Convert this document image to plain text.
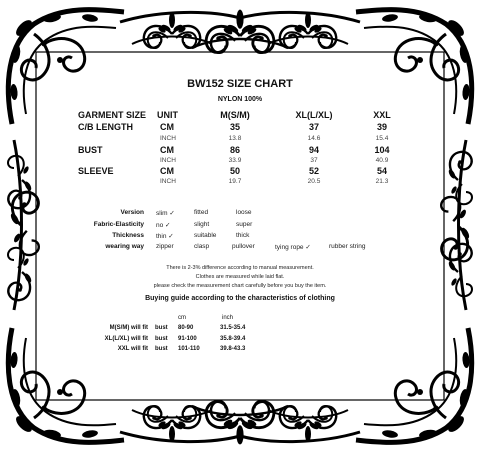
BW152 SIZE CHART
NYLON 100%
GARMENT SIZE UNIT	M(S/M)	XL(L/XL)	XXL
C/B LENGTH	CM	35	37	39
INCH	13.8	14.6	15.4
BUST	CM	86	94	104
INCH	33.9	37	40.9
SLEEVE	CM	50	52	54
INCH	19.7	20.5	21.3
Version slim ✓	fitted	loose
Fabric-Elasticity no ✓	slight	super
Thickness thin ✓	suitable	thick
wearing way zipper	clasp	pullover	tying rope ✓	rubber string
There is 2-3% difference according to manual measurement.
Clothes are measured while laid flat.
please check the measurement chart carefully before you buy the item.
Buying guide according to the characteristics of clothing
cm	inch
M(S/M) will fit bust 80-90	31.5-35.4
XL(L/XL) will fit bust 91-100	35.8-39.4
XXL will fit bust 101-110	39.8-43.3
